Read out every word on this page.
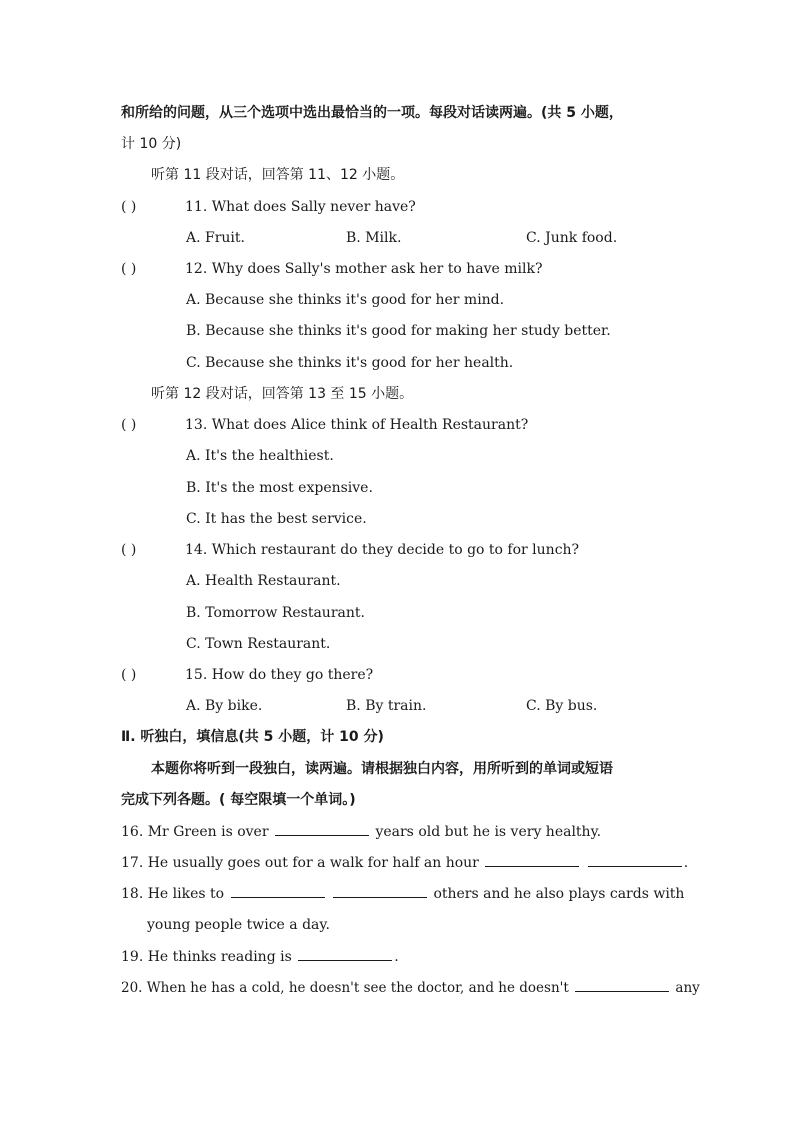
和所给的问题，从三个选项中选出最恰当的一项。每段对话读两遍。(共 5 小题，
计 10 分)
听第 11 段对话，回答第 11、12 小题。
( )	11. What does Sally never have?
A. Fruit.	B. Milk.	C. Junk food.
( )	12. Why does Sally's mother ask her to have milk?
A. Because she thinks it's good for her mind.
B. Because she thinks it's good for making her study better.
C. Because she thinks it's good for her health.
听第 12 段对话，回答第 13 至 15 小题。
( )	13. What does Alice think of Health Restaurant?
A. It's the healthiest.
B. It's the most expensive.
C. It has the best service.
( )	14. Which restaurant do they decide to go to for lunch?
A. Health Restaurant.
B. Tomorrow Restaurant.
C. Town Restaurant.
( )	15. How do they go there?
A. By bike.	B. By train.	C. By bus.
Ⅱ. 听独白，填信息(共 5 小题，计 10 分)
本题你将听到一段独白，读两遍。请根据独白内容，用所听到的单词或短语
完成下列各题。( 每空限填一个单词。)
16. Mr Green is over	years old but he is very healthy.
17. He usually goes out for a walk for half an hour	.
18. He likes to	others and he also plays cards with
young people twice a day.
19. He thinks reading is	.
20. When he has a cold, he doesn't see the doctor, and he doesn't	any
